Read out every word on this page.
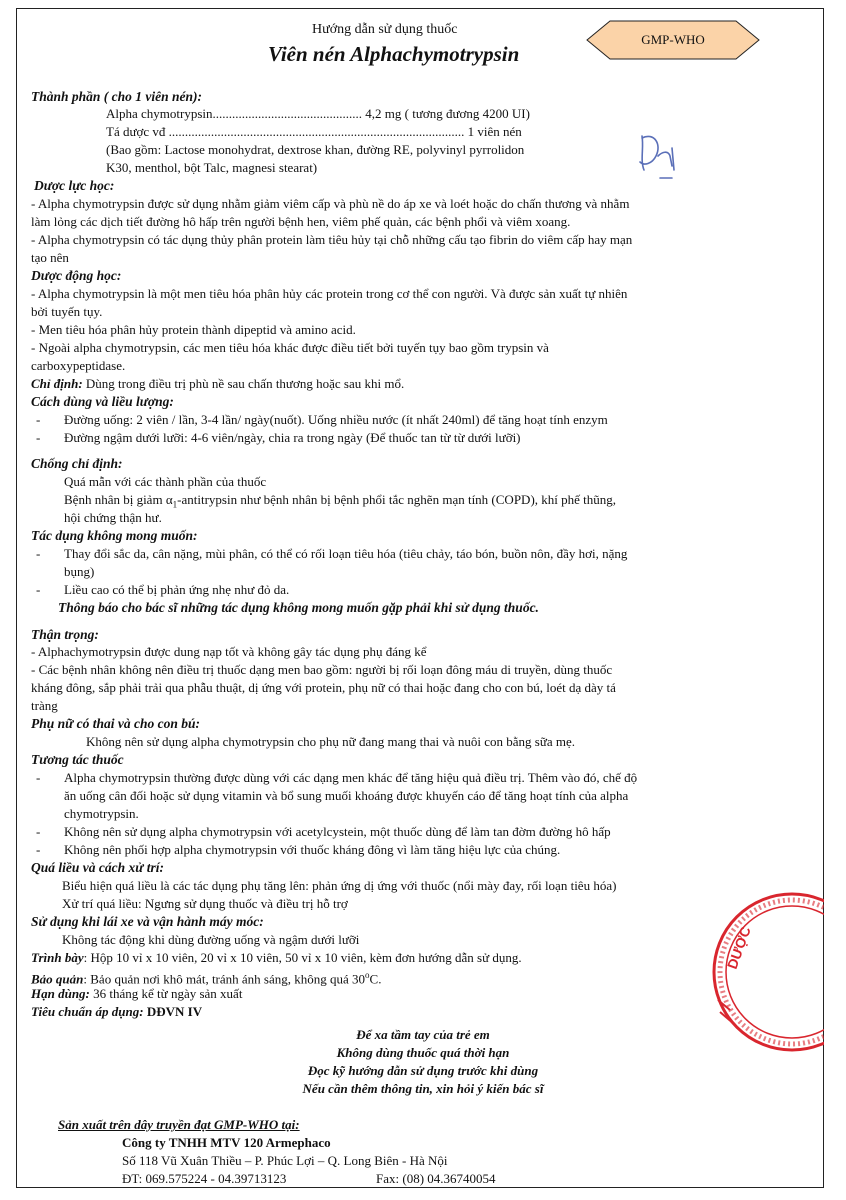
Hướng dẫn sử dụng thuốc
Viên nén Alphachymotrypsin
GMP-WHO
Thành phần ( cho 1 viên nén):
Alpha chymotrypsin.............................................. 4,2 mg ( tương đương 4200 UI)
Tá dược vđ ........................................................................................... 1 viên nén
(Bao gồm: Lactose monohydrat, dextrose khan, đường RE, polyvinyl pyrrolidon
K30, menthol, bột Talc, magnesi stearat)
Dược lực học:
- Alpha chymotrypsin được sử dụng nhằm giảm viêm cấp và phù nề do áp xe và loét hoặc do chấn thương và nhằm
làm lỏng các dịch tiết đường hô hấp trên người bệnh hen, viêm phế quản, các bệnh phổi và viêm xoang.
- Alpha chymotrypsin có tác dụng thủy phân protein làm tiêu hủy tại chỗ những cấu tạo fibrin do viêm cấp hay mạn
tạo nên
Dược động học:
- Alpha chymotrypsin là một men tiêu hóa phân hủy các protein trong cơ thể con người. Và được sản xuất tự nhiên
bởi tuyến tụy.
- Men tiêu hóa phân hủy protein thành dipeptid và amino acid.
- Ngoài alpha chymotrypsin, các men tiêu hóa khác được điều tiết bởi tuyến tụy bao gồm trypsin và
carboxypeptidase.
Chỉ định: Dùng trong điều trị phù nề sau chấn thương hoặc sau khi mổ.
Cách dùng và liều lượng:
- Đường uống: 2 viên / lần, 3-4 lần/ ngày(nuốt). Uống nhiều nước (ít nhất 240ml) để tăng hoạt tính enzym
- Đường ngậm dưới lưỡi: 4-6 viên/ngày, chia ra trong ngày (Để thuốc tan từ từ dưới lưỡi)
Chống chỉ định:
Quá mẫn với các thành phần của thuốc
Bệnh nhân bị giảm $\alpha_1$-antitrypsin như bệnh nhân bị bệnh phổi tắc nghẽn mạn tính (COPD), khí phế thũng,
hội chứng thận hư.
Tác dụng không mong muốn:
- Thay đổi sắc da, cân nặng, mùi phân, có thể có rối loạn tiêu hóa (tiêu chảy, táo bón, buồn nôn, đầy hơi, nặng
bụng)
- Liều cao có thể bị phản ứng nhẹ như đỏ da.
Thông báo cho bác sĩ những tác dụng không mong muốn gặp phải khi sử dụng thuốc.
Thận trọng:
- Alphachymotrypsin được dung nạp tốt và không gây tác dụng phụ đáng kể
- Các bệnh nhân không nên điều trị thuốc dạng men bao gồm: người bị rối loạn đông máu di truyền, dùng thuốc
kháng đông, sắp phải trải qua phẫu thuật, dị ứng với protein, phụ nữ có thai hoặc đang cho con bú, loét dạ dày tá
tràng
Phụ nữ có thai và cho con bú:
Không nên sử dụng alpha chymotrypsin cho phụ nữ đang mang thai và nuôi con bằng sữa mẹ.
Tương tác thuốc
- Alpha chymotrypsin thường được dùng với các dạng men khác để tăng hiệu quả điều trị. Thêm vào đó, chế độ
ăn uống cân đối hoặc sử dụng vitamin và bổ sung muối khoáng được khuyến cáo để tăng hoạt tính của alpha
chymotrypsin.
- Không nên sử dụng alpha chymotrypsin với acetylcystein, một thuốc dùng để làm tan đờm đường hô hấp
- Không nên phối hợp alpha chymotrypsin với thuốc kháng đông vì làm tăng hiệu lực của chúng.
Quá liều và cách xử trí:
Biểu hiện quá liều là các tác dụng phụ tăng lên: phản ứng dị ứng với thuốc (nổi mày đay, rối loạn tiêu hóa)
Xử trí quá liều: Ngưng sử dụng thuốc và điều trị hỗ trợ
Sử dụng khi lái xe và vận hành máy móc:
Không tác động khi dùng đường uống và ngậm dưới lưỡi
Trình bày: Hộp 10 vỉ x 10 viên, 20 vỉ x 10 viên, 50 vỉ x 10 viên, kèm đơn hướng dẫn sử dụng.
Bảo quản: Bảo quản nơi khô mát, tránh ánh sáng, không quá 30$^o$C.
Hạn dùng: 36 tháng kể từ ngày sản xuất
Tiêu chuẩn áp dụng: DĐVN IV
DƯỢC
Để xa tầm tay của trẻ em
Không dùng thuốc quá thời hạn
Đọc kỹ hướng dẫn sử dụng trước khi dùng
Nếu cần thêm thông tin, xin hỏi ý kiến bác sĩ
Sản xuất trên dây truyền đạt GMP-WHO tại:
Công ty TNHH MTV 120 Armephaco
Số 118 Vũ Xuân Thiều – P. Phúc Lợi – Q. Long Biên - Hà Nội
ĐT: 069.575224 - 04.39713123	Fax: (08) 04.36740054
